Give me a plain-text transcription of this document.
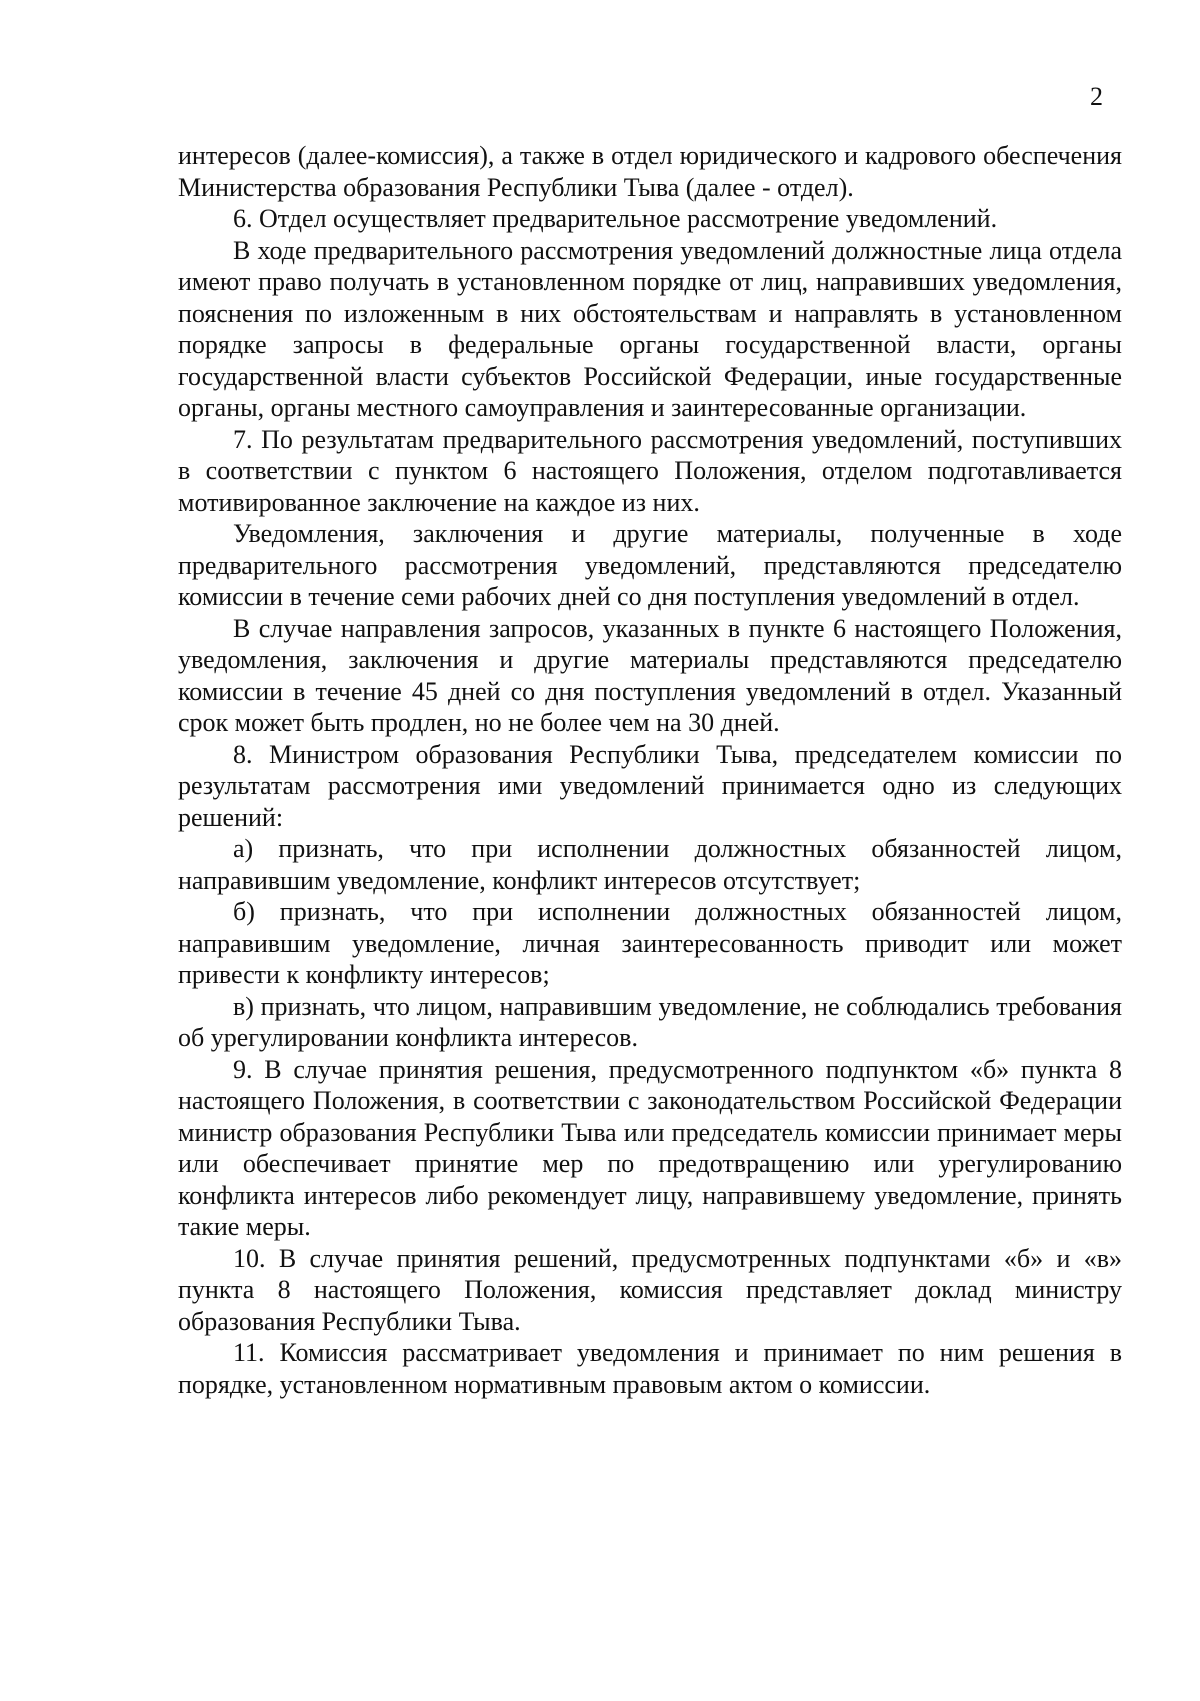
2

интересов (далее-комиссия), а также в отдел юридического и кадрового обеспечения Министерства образования Республики Тыва (далее - отдел).

6. Отдел осуществляет предварительное рассмотрение уведомлений.

В ходе предварительного рассмотрения уведомлений должностные лица отдела имеют право получать в установленном порядке от лиц, направивших уведомления, пояснения по изложенным в них обстоятельствам и направлять в установленном порядке запросы в федеральные органы государственной власти, органы государственной власти субъектов Российской Федерации, иные государственные органы, органы местного самоуправления и заинтересованные организации.

7. По результатам предварительного рассмотрения уведомлений, поступивших в соответствии с пунктом 6 настоящего Положения, отделом подготавливается мотивированное заключение на каждое из них.

Уведомления, заключения и другие материалы, полученные в ходе предварительного рассмотрения уведомлений, представляются председателю комиссии в течение семи рабочих дней со дня поступления уведомлений в отдел.

В случае направления запросов, указанных в пункте 6 настоящего Положения, уведомления, заключения и другие материалы представляются председателю комиссии в течение 45 дней со дня поступления уведомлений в отдел. Указанный срок может быть продлен, но не более чем на 30 дней.

8. Министром образования Республики Тыва, председателем комиссии по результатам рассмотрения ими уведомлений принимается одно из следующих решений:

а) признать, что при исполнении должностных обязанностей лицом, направившим уведомление, конфликт интересов отсутствует;

б) признать, что при исполнении должностных обязанностей лицом, направившим уведомление, личная заинтересованность приводит или может привести к конфликту интересов;

в) признать, что лицом, направившим уведомление, не соблюдались требования об урегулировании конфликта интересов.

9. В случае принятия решения, предусмотренного подпунктом «б» пункта 8 настоящего Положения, в соответствии с законодательством Российской Федерации министр образования Республики Тыва или председатель комиссии принимает меры или обеспечивает принятие мер по предотвращению или урегулированию конфликта интересов либо рекомендует лицу, направившему уведомление, принять такие меры.

10. В случае принятия решений, предусмотренных подпунктами «б» и «в» пункта 8 настоящего Положения, комиссия представляет доклад министру образования Республики Тыва.

11. Комиссия рассматривает уведомления и принимает по ним решения в порядке, установленном нормативным правовым актом о комиссии.
